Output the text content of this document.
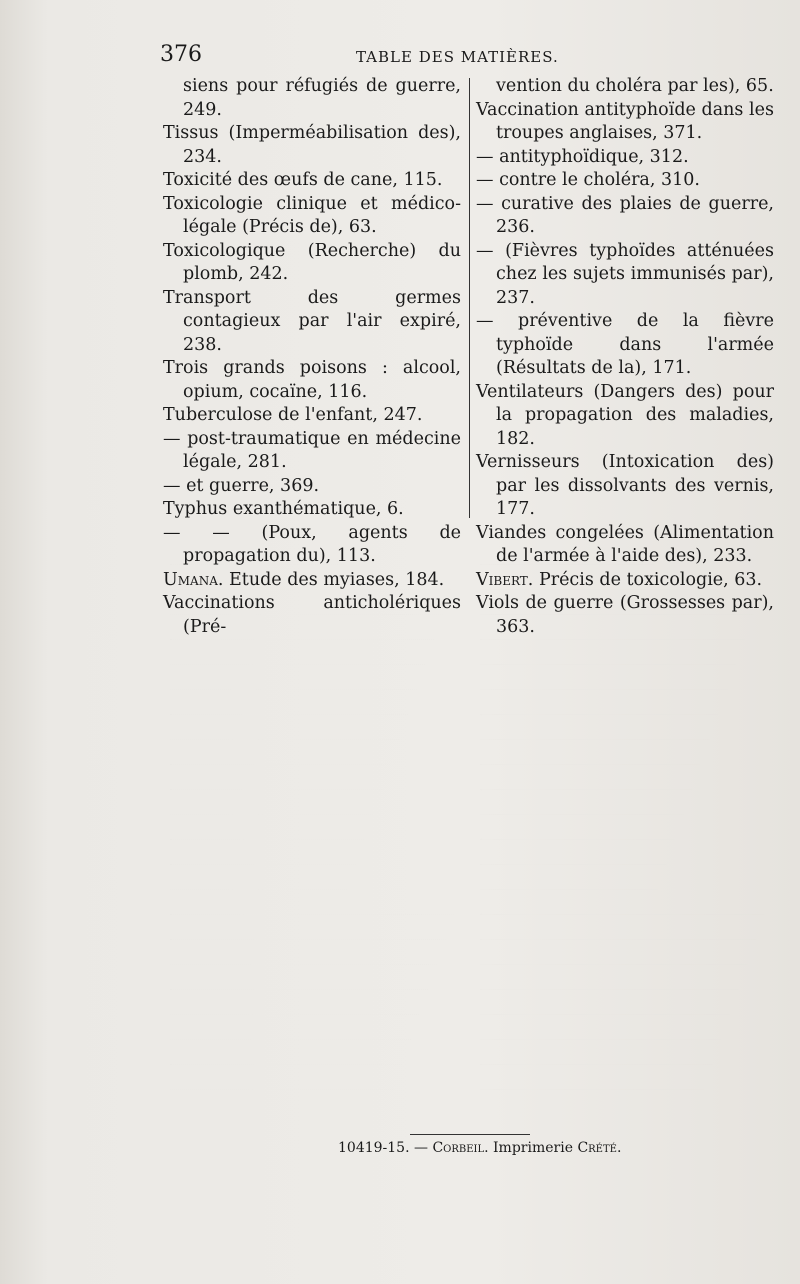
376	TABLE DES MATIÈRES.
siens pour réfugiés de guerre, 249.
Tissus (Imperméabilisation des), 234.
Toxicité des œufs de cane, 115.
Toxicologie clinique et médico-légale (Précis de), 63.
Toxicologique (Recherche) du plomb, 242.
Transport des germes contagieux par l'air expiré, 238.
Trois grands poisons : alcool, opium, cocaïne, 116.
Tuberculose de l'enfant, 247.
— post-traumatique en médecine légale, 281.
— et guerre, 369.
Typhus exanthématique, 6.
— — (Poux, agents de propagation du), 113.
Umana. Etude des myiases, 184.
Vaccinations anticholériques (Pré-
vention du choléra par les), 65.
Vaccination antityphoïde dans les troupes anglaises, 371.
— antityphoïdique, 312.
— contre le choléra, 310.
— curative des plaies de guerre, 236.
— (Fièvres typhoïdes atténuées chez les sujets immunisés par), 237.
— préventive de la fièvre typhoïde dans l'armée (Résultats de la), 171.
Ventilateurs (Dangers des) pour la propagation des maladies, 182.
Vernisseurs (Intoxication des) par les dissolvants des vernis, 177.
Viandes congelées (Alimentation de l'armée à l'aide des), 233.
Vibert. Précis de toxicologie, 63.
Viols de guerre (Grossesses par), 363.
10419-15. — Corbeil. Imprimerie Crété.
